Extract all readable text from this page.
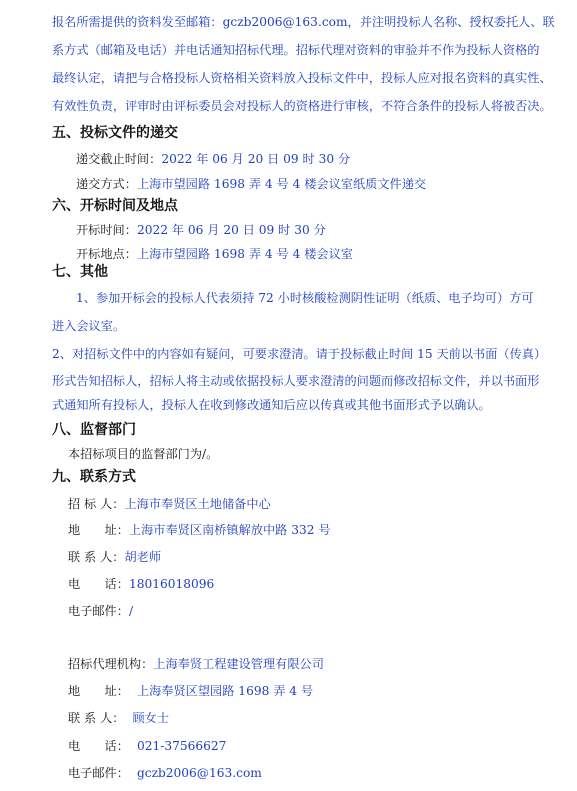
报名所需提供的资料发至邮箱：gczb2006@163.com，并注明投标人名称、授权委托人、联
系方式（邮箱及电话）并电话通知招标代理。招标代理对资料的审验并不作为投标人资格的
最终认定，请把与合格投标人资格相关资料放入投标文件中，投标人应对报名资料的真实性、
有效性负责，评审时由评标委员会对投标人的资格进行审核，不符合条件的投标人将被否决。
五、投标文件的递交
递交截止时间：2022 年 06 月 20 日 09 时 30 分
递交方式：上海市望园路 1698 弄 4 号 4 楼会议室纸质文件递交
六、开标时间及地点
开标时间：2022 年 06 月 20 日 09 时 30 分
开标地点：上海市望园路 1698 弄 4 号 4 楼会议室
七、其他
1、参加开标会的投标人代表须持 72 小时核酸检测阴性证明（纸质、电子均可）方可
进入会议室。
2、对招标文件中的内容如有疑问，可要求澄清。请于投标截止时间 15 天前以书面（传真）
形式告知招标人，招标人将主动或依据投标人要求澄清的问题而修改招标文件，并以书面形
式通知所有投标人，投标人在收到修改通知后应以传真或其他书面形式予以确认。
八、监督部门
本招标项目的监督部门为/。
九、联系方式
招 标 人：上海市奉贤区土地储备中心
地　　址：上海市奉贤区南桥镇解放中路 332 号
联 系 人：胡老师
电　　话：18016018096
电子邮件：/
招标代理机构：上海奉贤工程建设管理有限公司
地　　址： 上海奉贤区望园路 1698 弄 4 号
联 系 人： 顾女士
电　　话： 021-37566627
电子邮件： gczb2006@163.com
